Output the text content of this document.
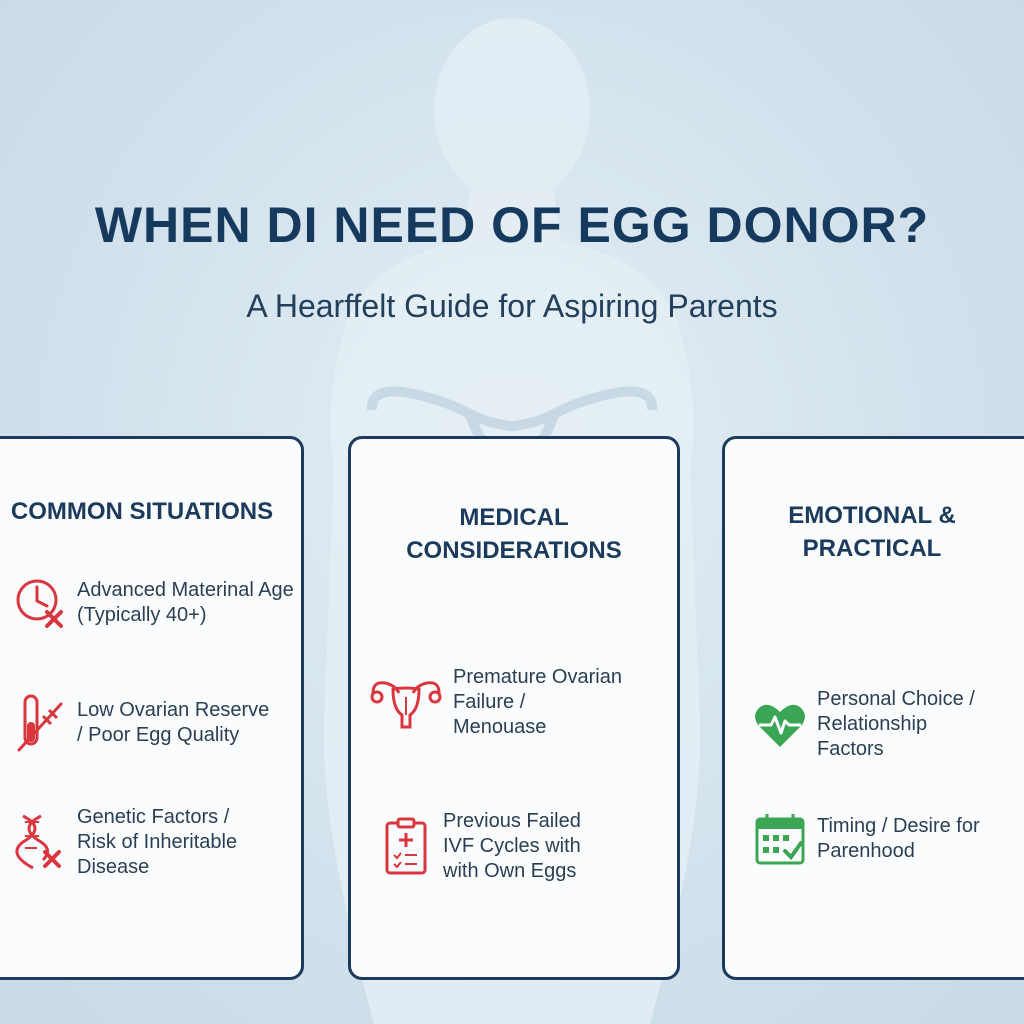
WHEN DI NEED OF EGG DONOR?
A Hearffelt Guide for Aspiring Parents
COMMON SITUATIONS
Advanced Materinal Age
(Typically 40+)
Low Ovarian Reserve
/ Poor Egg Quality
Genetic Factors /
Risk of Inheritable
Disease
MEDICAL
CONSIDERATIONS
Premature Ovarian
Failure /
Menouase
Previous Failed
IVF Cycles with
with Own Eggs
EMOTIONAL &
PRACTICAL
Personal Choice /
Relationship
Factors
Timing / Desire for
Parenhood
